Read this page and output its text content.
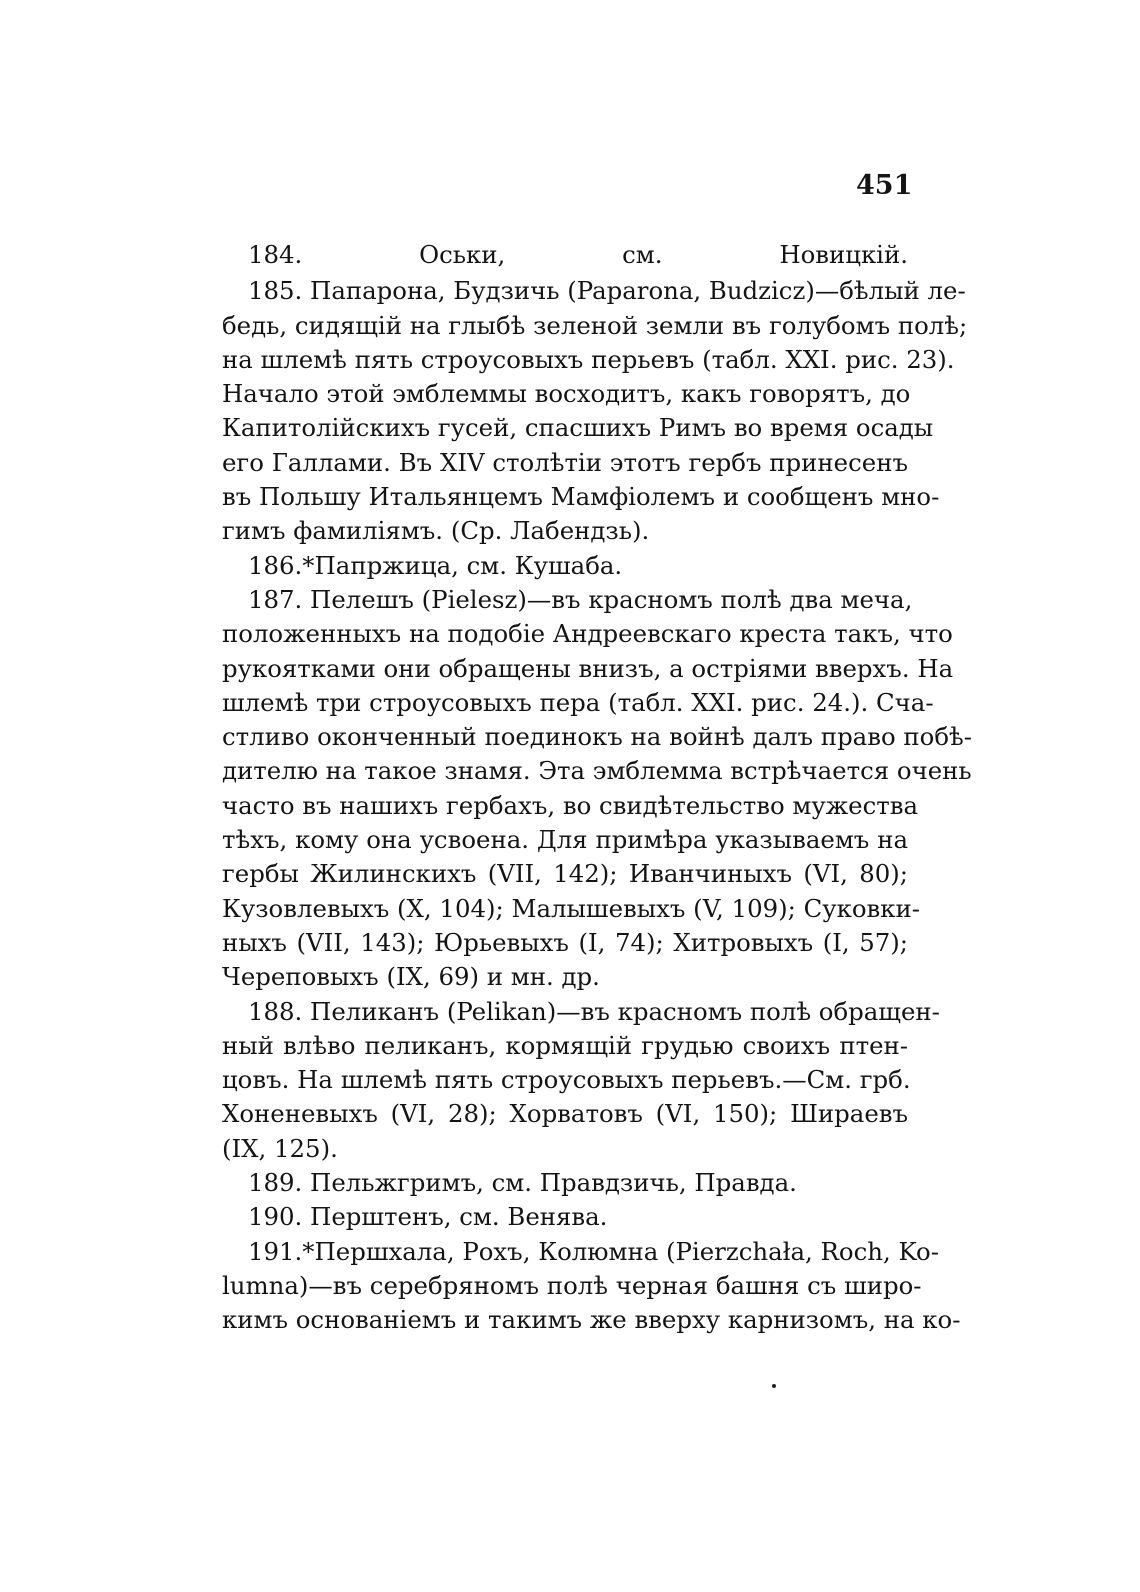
451
184. Оськи, см. Новицкій.
185. Папарона, Будзичь (Paparona, Budzicz)—бѣлый ле-
бедь, сидящій на глыбѣ зеленой земли въ голубомъ полѣ;
на шлемѣ пять строусовыхъ перьевъ (табл. XXI. рис. 23).
Начало этой эмблеммы восходитъ, какъ говорятъ, до
Капитолійскихъ гусей, спасшихъ Римъ во время осады
его Галлами. Въ XIV столѣтіи этотъ гербъ принесенъ
въ Польшу Итальянцемъ Мамфіолемъ и сообщенъ мно-
гимъ фамиліямъ. (Ср. Лабендзь).
186.*Папржица, см. Кушаба.
187. Пелешъ (Pielesz)—въ красномъ полѣ два меча,
положенныхъ на подобіе Андреевскаго креста такъ, что
рукоятками они обращены внизъ, а остріями вверхъ. На
шлемѣ три строусовыхъ пера (табл. XXI. рис. 24.). Сча-
стливо оконченный поединокъ на войнѣ далъ право побѣ-
дителю на такое знамя. Эта эмблемма встрѣчается очень
часто въ нашихъ гербахъ, во свидѣтельство мужества
тѣхъ, кому она усвоена. Для примѣра указываемъ на
гербы Жилинскихъ (VII, 142); Иванчиныхъ (VI, 80);
Кузовлевыхъ (X, 104); Малышевыхъ (V, 109); Суковки-
ныхъ (VII, 143); Юрьевыхъ (I, 74); Хитровыхъ (I, 57);
Череповыхъ (IX, 69) и мн. др.
188. Пеликанъ (Pelikan)—въ красномъ полѣ обращен-
ный влѣво пеликанъ, кормящій грудью своихъ птен-
цовъ. На шлемѣ пять строусовыхъ перьевъ.—См. грб.
Хоненевыхъ (VI, 28); Хорватовъ (VI, 150); Шираевъ
(IX, 125).
189. Пельжгримъ, см. Правдзичь, Правда.
190. Перштенъ, см. Венява.
191.*Першхала, Рохъ, Колюмна (Pierzchała, Roch, Ko-
lumna)—въ серебряномъ полѣ черная башня съ широ-
кимъ основаніемъ и такимъ же вверху карнизомъ, на ко-
